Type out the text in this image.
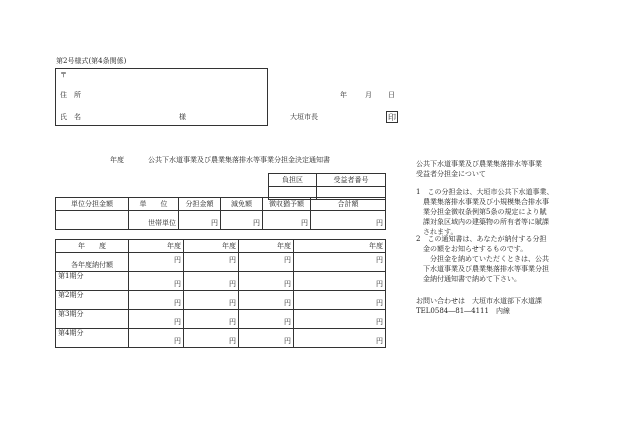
第2号様式(第4条関係)
〒
住　所
氏　名	様
年	月 日
大垣市長	印
年度	公共下水道事業及び農業集落排水等事業分担金決定通知書
負担区	受益者番号

単位分担金額	単　　位	分担金額	減免額	徴収猶予額	合計額
	世帯単位	円	円	円	円
年　　度	年度	年度	年度	年度
各年度納付額	円	円	円	円
第1期分	円	円	円	円
第2期分	円	円	円	円
第3期分	円	円	円	円
第4期分	円	円	円	円
公共下水道事業及び農業集落排水等事業
受益者分担金について
1　この分担金は、大垣市公共下水道事業、
　農業集落排水事業及び小規模集合排水事
　業分担金徴収条例第5条の規定により賦
　課対象区域内の建築物の所有者等に賦課
　されます。
2　この通知書は、あなたが納付する分担
　金の額をお知らせするものです。
　　分担金を納めていただくときは、公共
　下水道事業及び農業集落排水等事業分担
　金納付通知書で納めて下さい。
お問い合わせは　大垣市水道部下水道課
TEL0584―81―4111　内線
